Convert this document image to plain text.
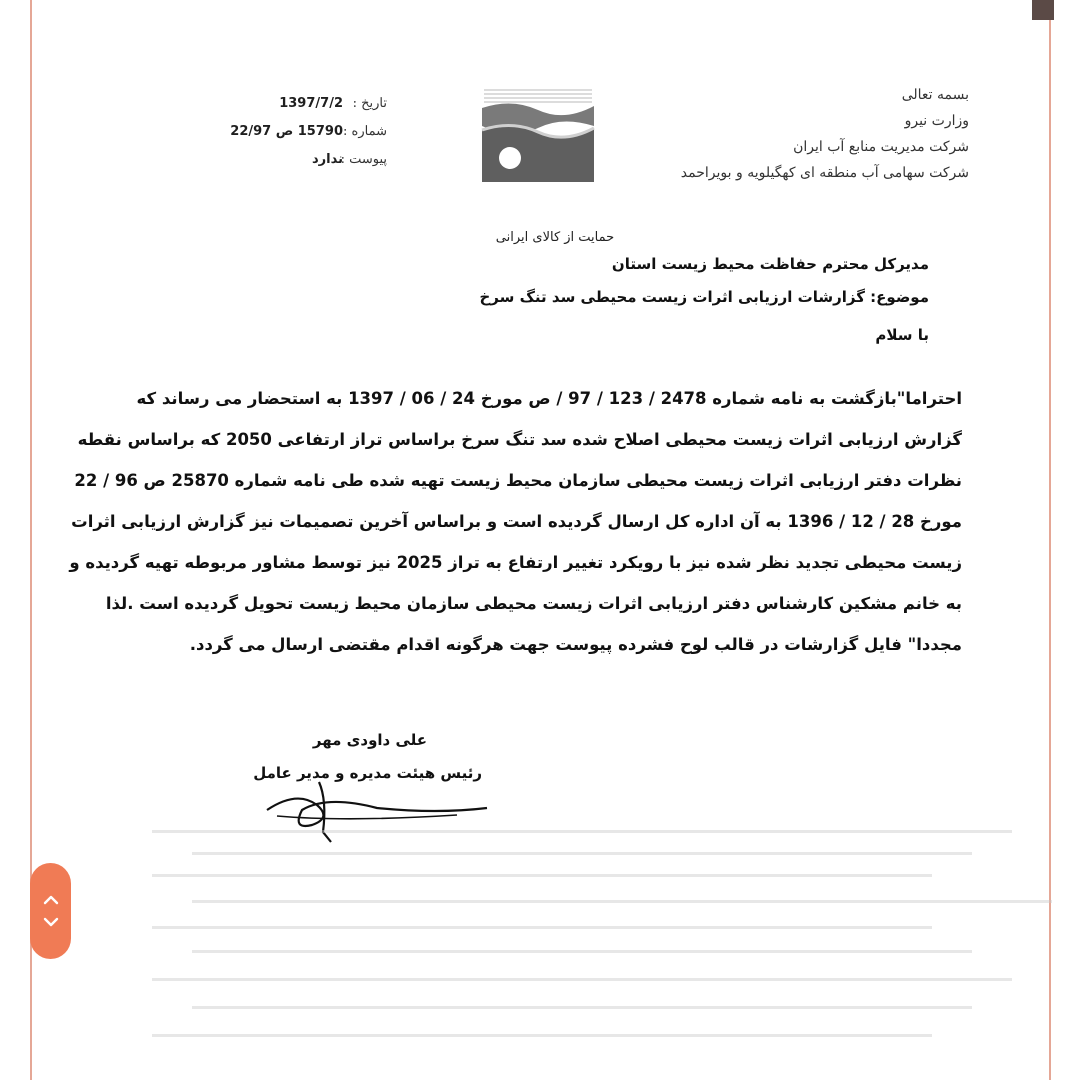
بسمه تعالی
وزارت نیرو
شرکت مدیریت منابع آب ایران
شرکت سهامی آب منطقه ای کهگیلویه و بویراحمد
تاریخ :
1397/7/2
شماره :
15790 ص 22/97
پیوست :
ندارد
حمایت از کالای ایرانی
مدیرکل محترم حفاظت محیط زیست استان
موضوع: گزارشات ارزیابی اثرات زیست محیطی سد تنگ سرخ
با سلام
احتراما"بازگشت به نامه شماره 2478 / 123 / 97 / ص مورخ 24 / 06 / 1397 به استحضار می رساند که
گزارش ارزیابی اثرات زیست محیطی اصلاح شده سد تنگ سرخ براساس تراز ارتفاعی 2050 که براساس نقطه
نظرات دفتر ارزیابی اثرات زیست محیطی سازمان محیط زیست تهیه شده طی نامه شماره 25870 ص 96 / 22
مورخ 28 / 12 / 1396 به آن اداره کل ارسال گردیده است و براساس آخرین تصمیمات نیز گزارش ارزیابی اثرات
زیست محیطی تجدید نظر شده نیز با رویکرد تغییر ارتفاع به تراز 2025 نیز توسط مشاور مربوطه تهیه گردیده و
به خانم مشکین کارشناس دفتر ارزیابی اثرات زیست محیطی سازمان محیط زیست تحویل گردیده است .لذا
مجددا" فایل گزارشات در قالب لوح فشرده پیوست جهت هرگونه اقدام مقتضی ارسال می گردد.
علی داودی مهر
رئیس هیئت مدیره و مدیر عامل
